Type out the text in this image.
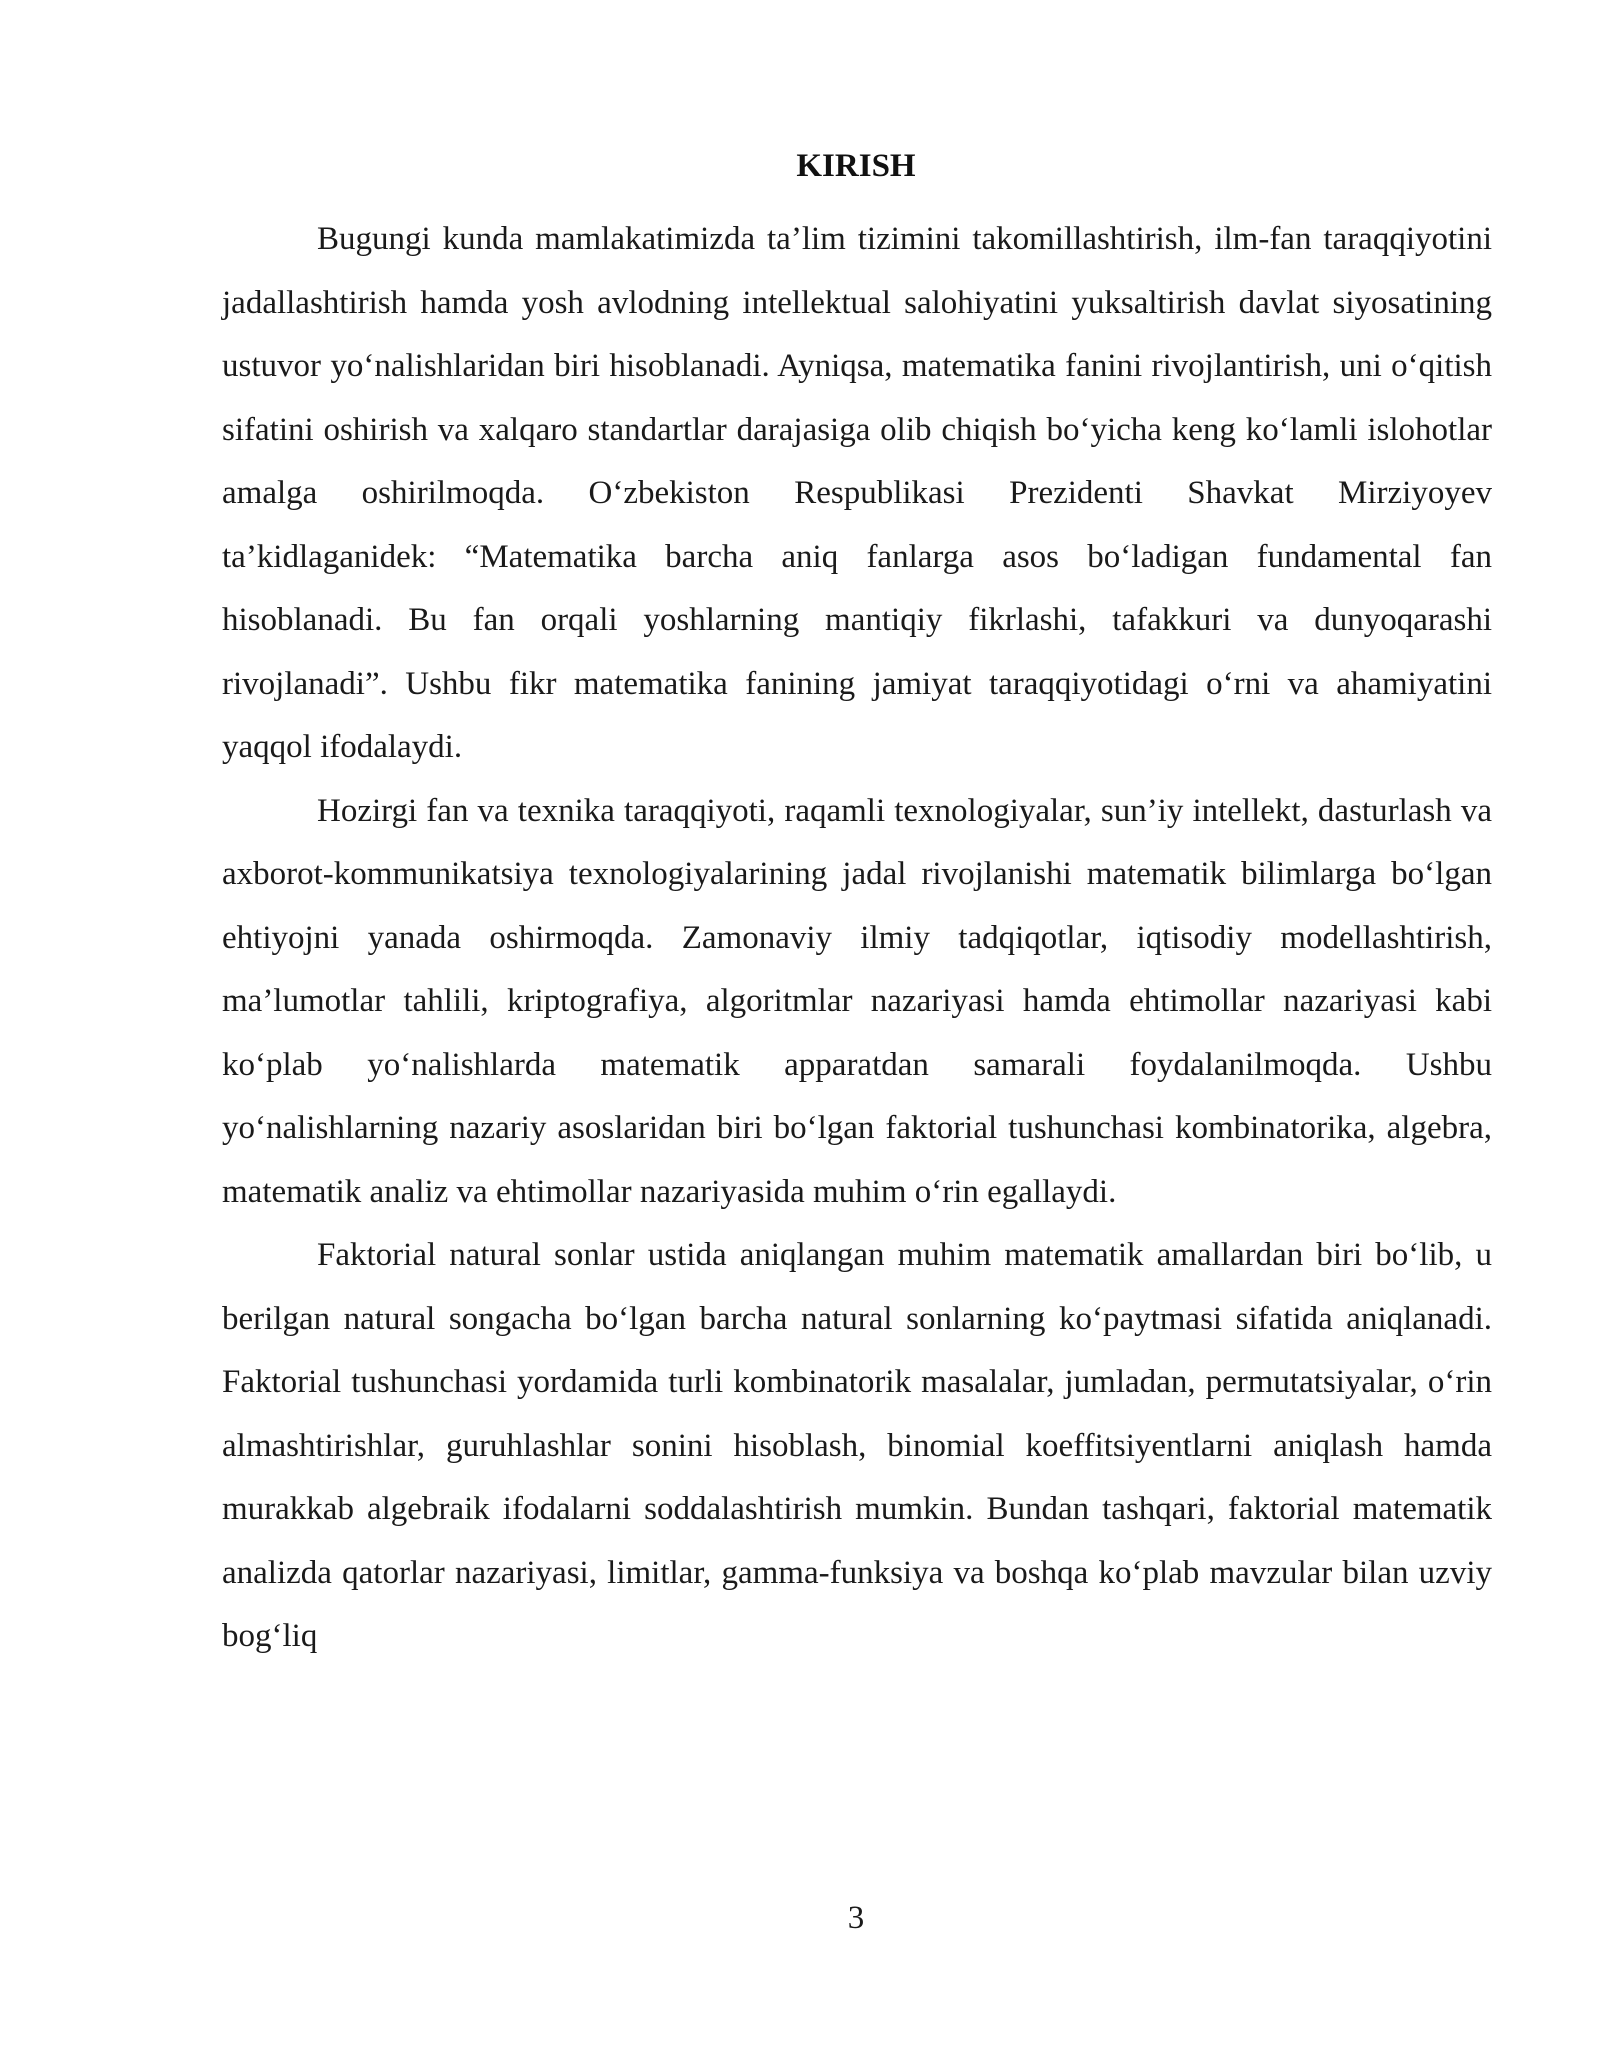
KIRISH

Bugungi kunda mamlakatimizda ta’lim tizimini takomillashtirish, ilm-fan taraqqiyotini jadallashtirish hamda yosh avlodning intellektual salohiyatini yuksaltirish davlat siyosatining ustuvor yo‘nalishlaridan biri hisoblanadi. Ayniqsa, matematika fanini rivojlantirish, uni o‘qitish sifatini oshirish va xalqaro standartlar darajasiga olib chiqish bo‘yicha keng ko‘lamli islohotlar amalga oshirilmoqda. O‘zbekiston Respublikasi Prezidenti Shavkat Mirziyoyev ta’kidlaganidek: “Matematika barcha aniq fanlarga asos bo‘ladigan fundamental fan hisoblanadi. Bu fan orqali yoshlarning mantiqiy fikrlashi, tafakkuri va dunyoqarashi rivojlanadi”. Ushbu fikr matematika fanining jamiyat taraqqiyotidagi o‘rni va ahamiyatini yaqqol ifodalaydi.

Hozirgi fan va texnika taraqqiyoti, raqamli texnologiyalar, sun’iy intellekt, dasturlash va axborot-kommunikatsiya texnologiyalarining jadal rivojlanishi matematik bilimlarga bo‘lgan ehtiyojni yanada oshirmoqda. Zamonaviy ilmiy tadqiqotlar, iqtisodiy modellashtirish, ma’lumotlar tahlili, kriptografiya, algoritmlar nazariyasi hamda ehtimollar nazariyasi kabi ko‘plab yo‘nalishlarda matematik apparatdan samarali foydalanilmoqda. Ushbu yo‘nalishlarning nazariy asoslaridan biri bo‘lgan faktorial tushunchasi kombinatorika, algebra, matematik analiz va ehtimollar nazariyasida muhim o‘rin egallaydi.

Faktorial natural sonlar ustida aniqlangan muhim matematik amallardan biri bo‘lib, u berilgan natural songacha bo‘lgan barcha natural sonlarning ko‘paytmasi sifatida aniqlanadi. Faktorial tushunchasi yordamida turli kombinatorik masalalar, jumladan, permutatsiyalar, o‘rin almashtirishlar, guruhlashlar sonini hisoblash, binomial koeffitsiyentlarni aniqlash hamda murakkab algebraik ifodalarni soddalashtirish mumkin. Bundan tashqari, faktorial matematik analizda qatorlar nazariyasi, limitlar, gamma-funksiya va boshqa ko‘plab mavzular bilan uzviy bog‘liq

3
